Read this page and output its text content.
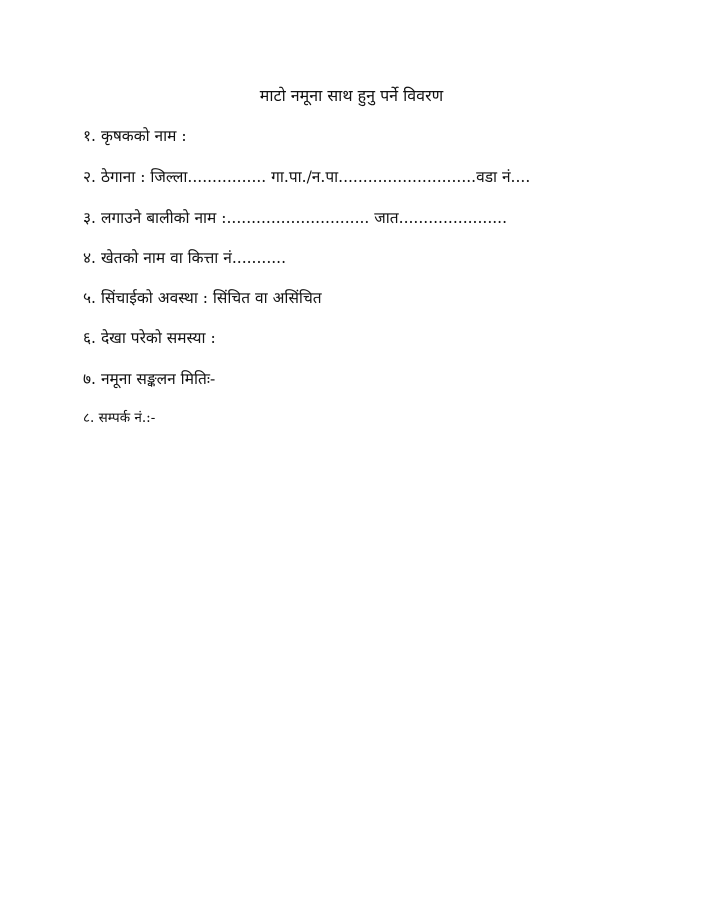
माटो नमूना साथ हुनु पर्ने विवरण
१. कृषकको नाम :
२. ठेगाना : जिल्ला................ गा.पा./न.पा............................वडा नं....
३. लगाउने बालीको नाम :............................. जात......................
४. खेतको नाम वा कित्ता नं...........
५. सिंचाईको अवस्था : सिंचित वा असिंचित
६. देखा परेको समस्या :
७. नमूना सङ्कलन मितिः-
८. सम्पर्क नं.:-
